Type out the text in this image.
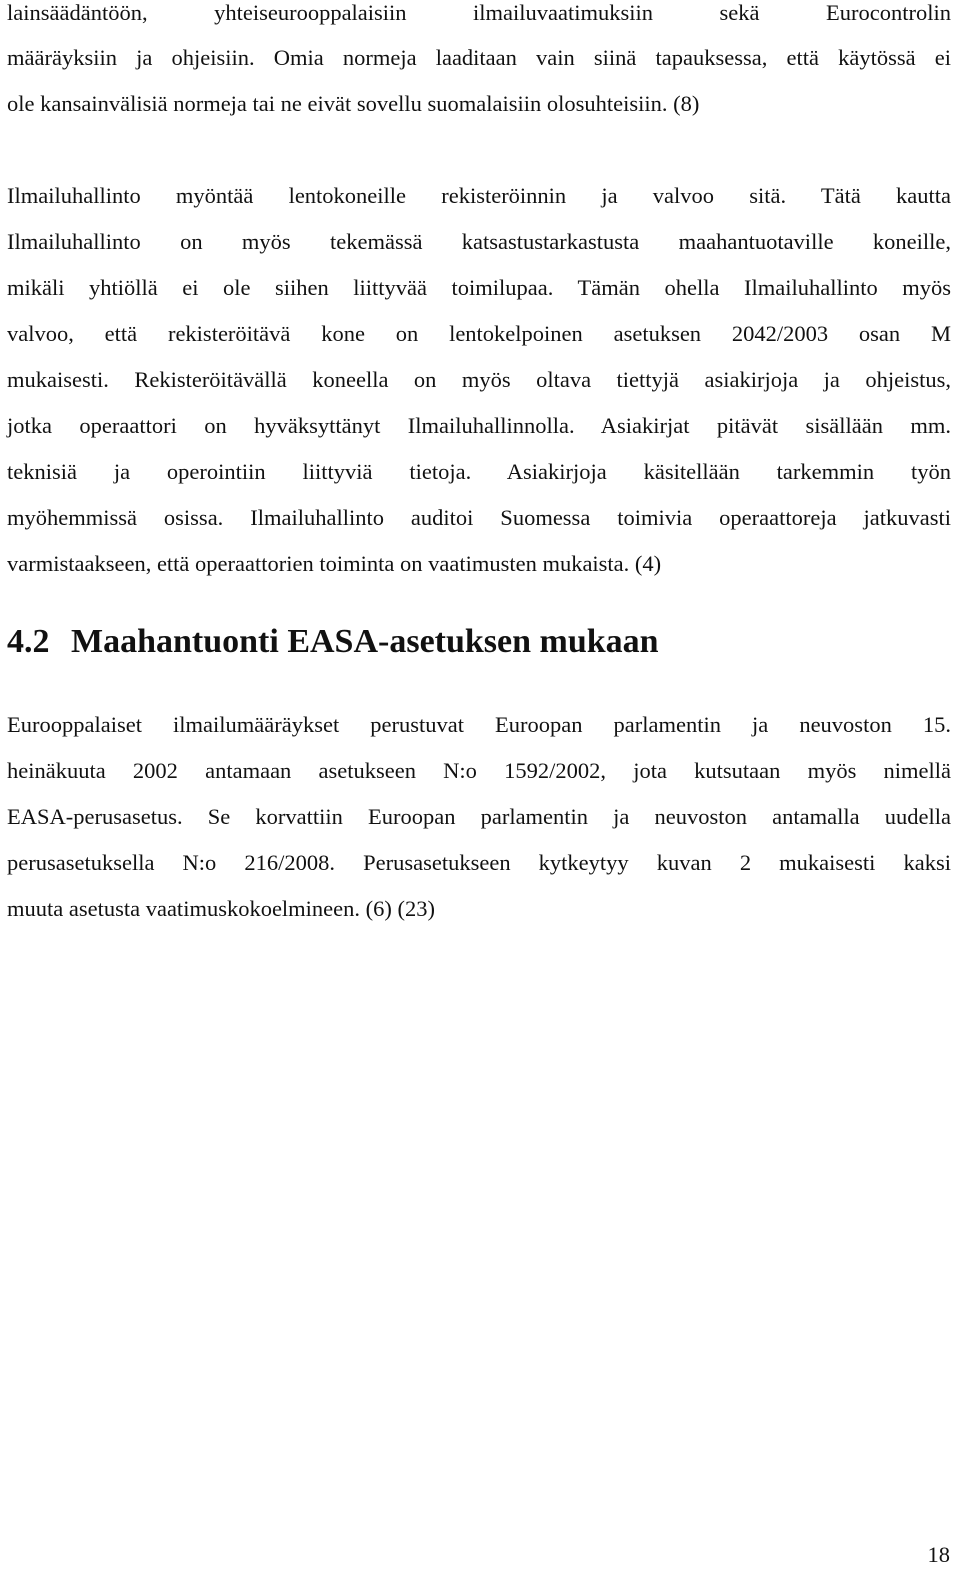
lainsäädäntöön, yhteiseurooppalaisiin ilmailuvaatimuksiin sekä Eurocontrolin
määräyksiin ja ohjeisiin. Omia normeja laaditaan vain siinä tapauksessa, että käytössä ei
ole kansainvälisiä normeja tai ne eivät sovellu suomalaisiin olosuhteisiin. (8)
Ilmailuhallinto myöntää lentokoneille rekisteröinnin ja valvoo sitä. Tätä kautta
Ilmailuhallinto on myös tekemässä katsastustarkastusta maahantuotaville koneille,
mikäli yhtiöllä ei ole siihen liittyvää toimilupaa. Tämän ohella Ilmailuhallinto myös
valvoo, että rekisteröitävä kone on lentokelpoinen asetuksen 2042/2003 osan M
mukaisesti. Rekisteröitävällä koneella on myös oltava tiettyjä asiakirjoja ja ohjeistus,
jotka operaattori on hyväksyttänyt Ilmailuhallinnolla. Asiakirjat pitävät sisällään mm.
teknisiä ja operointiin liittyviä tietoja. Asiakirjoja käsitellään tarkemmin työn
myöhemmissä osissa. Ilmailuhallinto auditoi Suomessa toimivia operaattoreja jatkuvasti
varmistaakseen, että operaattorien toiminta on vaatimusten mukaista. (4)
4.2 Maahantuonti EASA-asetuksen mukaan
Eurooppalaiset ilmailumääräykset perustuvat Euroopan parlamentin ja neuvoston 15.
heinäkuuta 2002 antamaan asetukseen N:o 1592/2002, jota kutsutaan myös nimellä
EASA-perusasetus. Se korvattiin Euroopan parlamentin ja neuvoston antamalla uudella
perusasetuksella N:o 216/2008. Perusasetukseen kytkeytyy kuvan 2 mukaisesti kaksi
muuta asetusta vaatimuskokoelmineen. (6) (23)
18
